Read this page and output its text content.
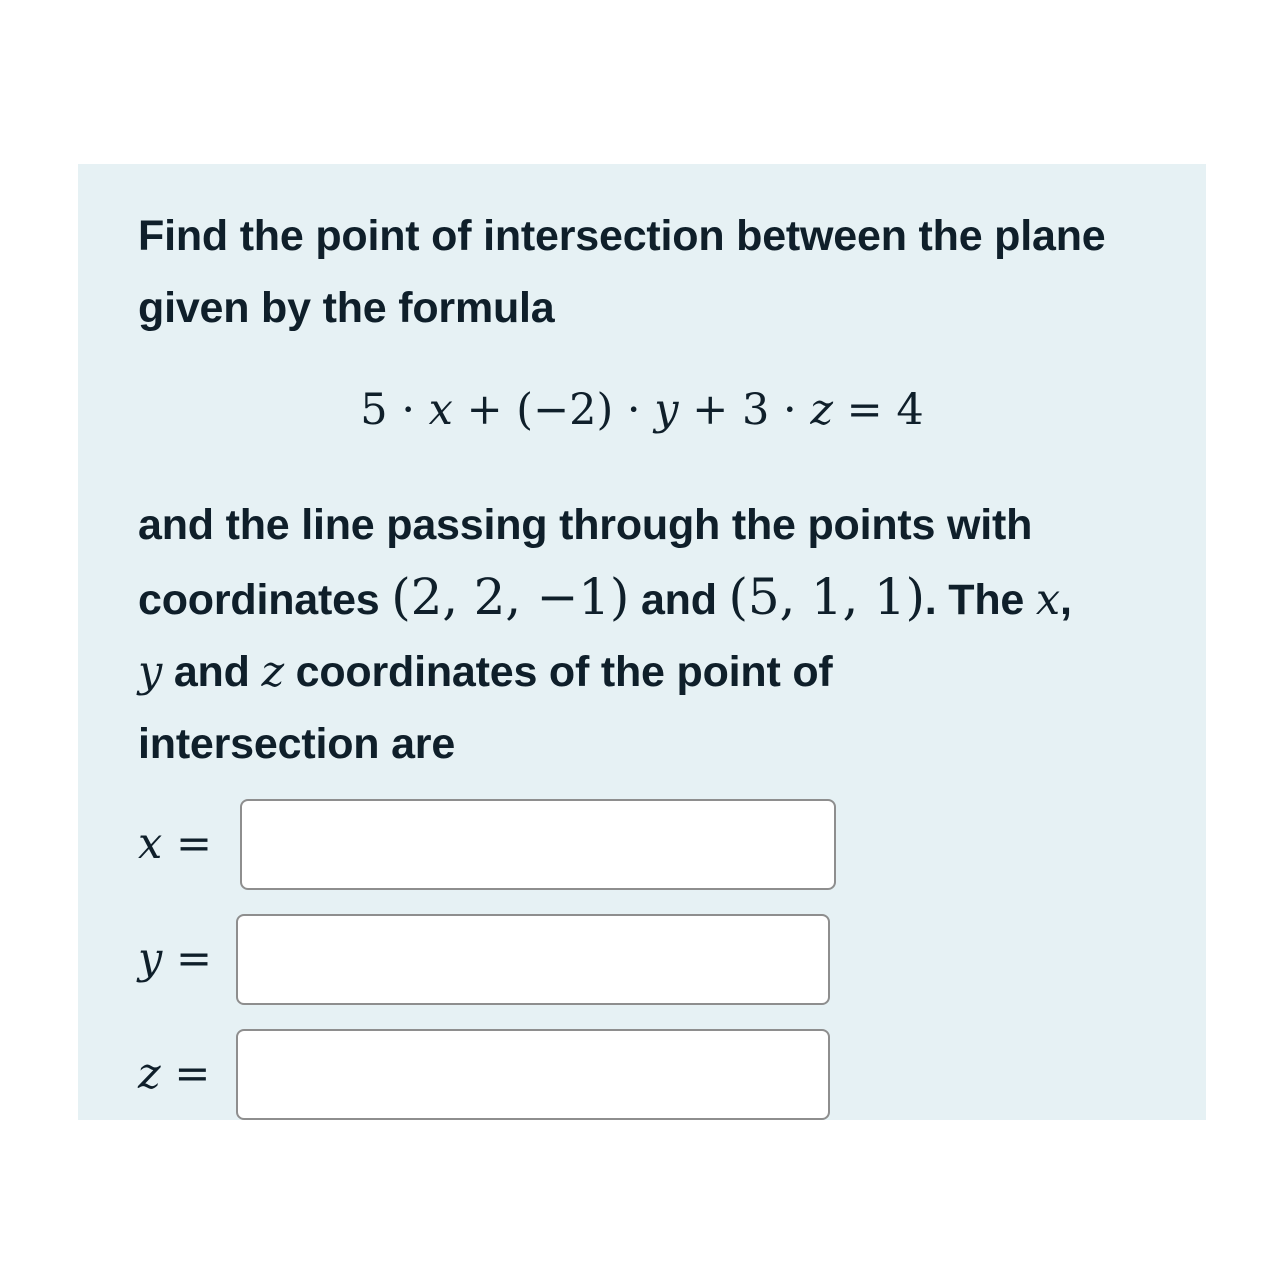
Find the point of intersection between the plane
given by the formula
5 · x + (−2) · y + 3 · z = 4
and the line passing through the points with
coordinates (2, 2, −1) and (5, 1, 1). The x,
y and z coordinates of the point of
intersection are
x =
y =
z =
